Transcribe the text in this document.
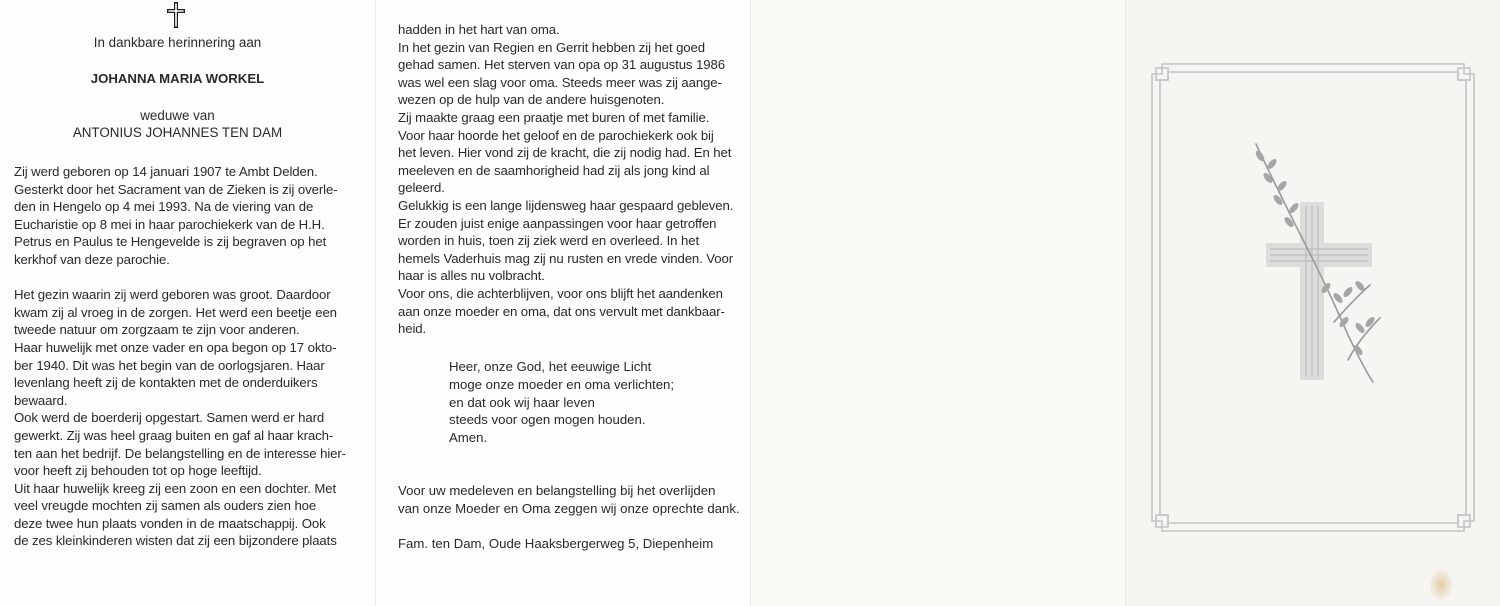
In dankbare herinnering aan
JOHANNA MARIA WORKEL
weduwe van
ANTONIUS JOHANNES TEN DAM

Zij werd geboren op 14 januari 1907 te Ambt Delden.

Gesterkt door het Sacrament van de Zieken is zij overle-

den in Hengelo op 4 mei 1993. Na de viering van de

Eucharistie op 8 mei in haar parochiekerk van de H.H.

Petrus en Paulus te Hengevelde is zij begraven op het

kerkhof van deze parochie.

Het gezin waarin zij werd geboren was groot. Daardoor

kwam zij al vroeg in de zorgen. Het werd een beetje een

tweede natuur om zorgzaam te zijn voor anderen.

Haar huwelijk met onze vader en opa begon op 17 okto-

ber 1940. Dit was het begin van de oorlogsjaren. Haar

levenlang heeft zij de kontakten met de onderduikers

bewaard.

Ook werd de boerderij opgestart. Samen werd er hard

gewerkt. Zij was heel graag buiten en gaf al haar krach-

ten aan het bedrijf. De belangstelling en de interesse hier-

voor heeft zij behouden tot op hoge leeftijd.

Uit haar huwelijk kreeg zij een zoon en een dochter. Met

veel vreugde mochten zij samen als ouders zien hoe

deze twee hun plaats vonden in de maatschappij. Ook

de zes kleinkinderen wisten dat zij een bijzondere plaats

hadden in het hart van oma.

In het gezin van Regien en Gerrit hebben zij het goed

gehad samen. Het sterven van opa op 31 augustus 1986

was wel een slag voor oma. Steeds meer was zij aange-

wezen op de hulp van de andere huisgenoten.

Zij maakte graag een praatje met buren of met familie.

Voor haar hoorde het geloof en de parochiekerk ook bij

het leven. Hier vond zij de kracht, die zij nodig had. En het

meeleven en de saamhorigheid had zij als jong kind al

geleerd.

Gelukkig is een lange lijdensweg haar gespaard gebleven.

Er zouden juist enige aanpassingen voor haar getroffen

worden in huis, toen zij ziek werd en overleed. In het

hemels Vaderhuis mag zij nu rusten en vrede vinden. Voor

haar is alles nu volbracht.

Voor ons, die achterblijven, voor ons blijft het aandenken

aan onze moeder en oma, dat ons vervult met dankbaar-

heid.

Heer, onze God, het eeuwige Licht
moge onze moeder en oma verlichten;
en dat ook wij haar leven
steeds voor ogen mogen houden.
Amen.
Voor uw medeleven en belangstelling bij het overlijden
van onze Moeder en Oma zeggen wij onze oprechte dank.
Fam. ten Dam, Oude Haaksbergerweg 5, Diepenheim
